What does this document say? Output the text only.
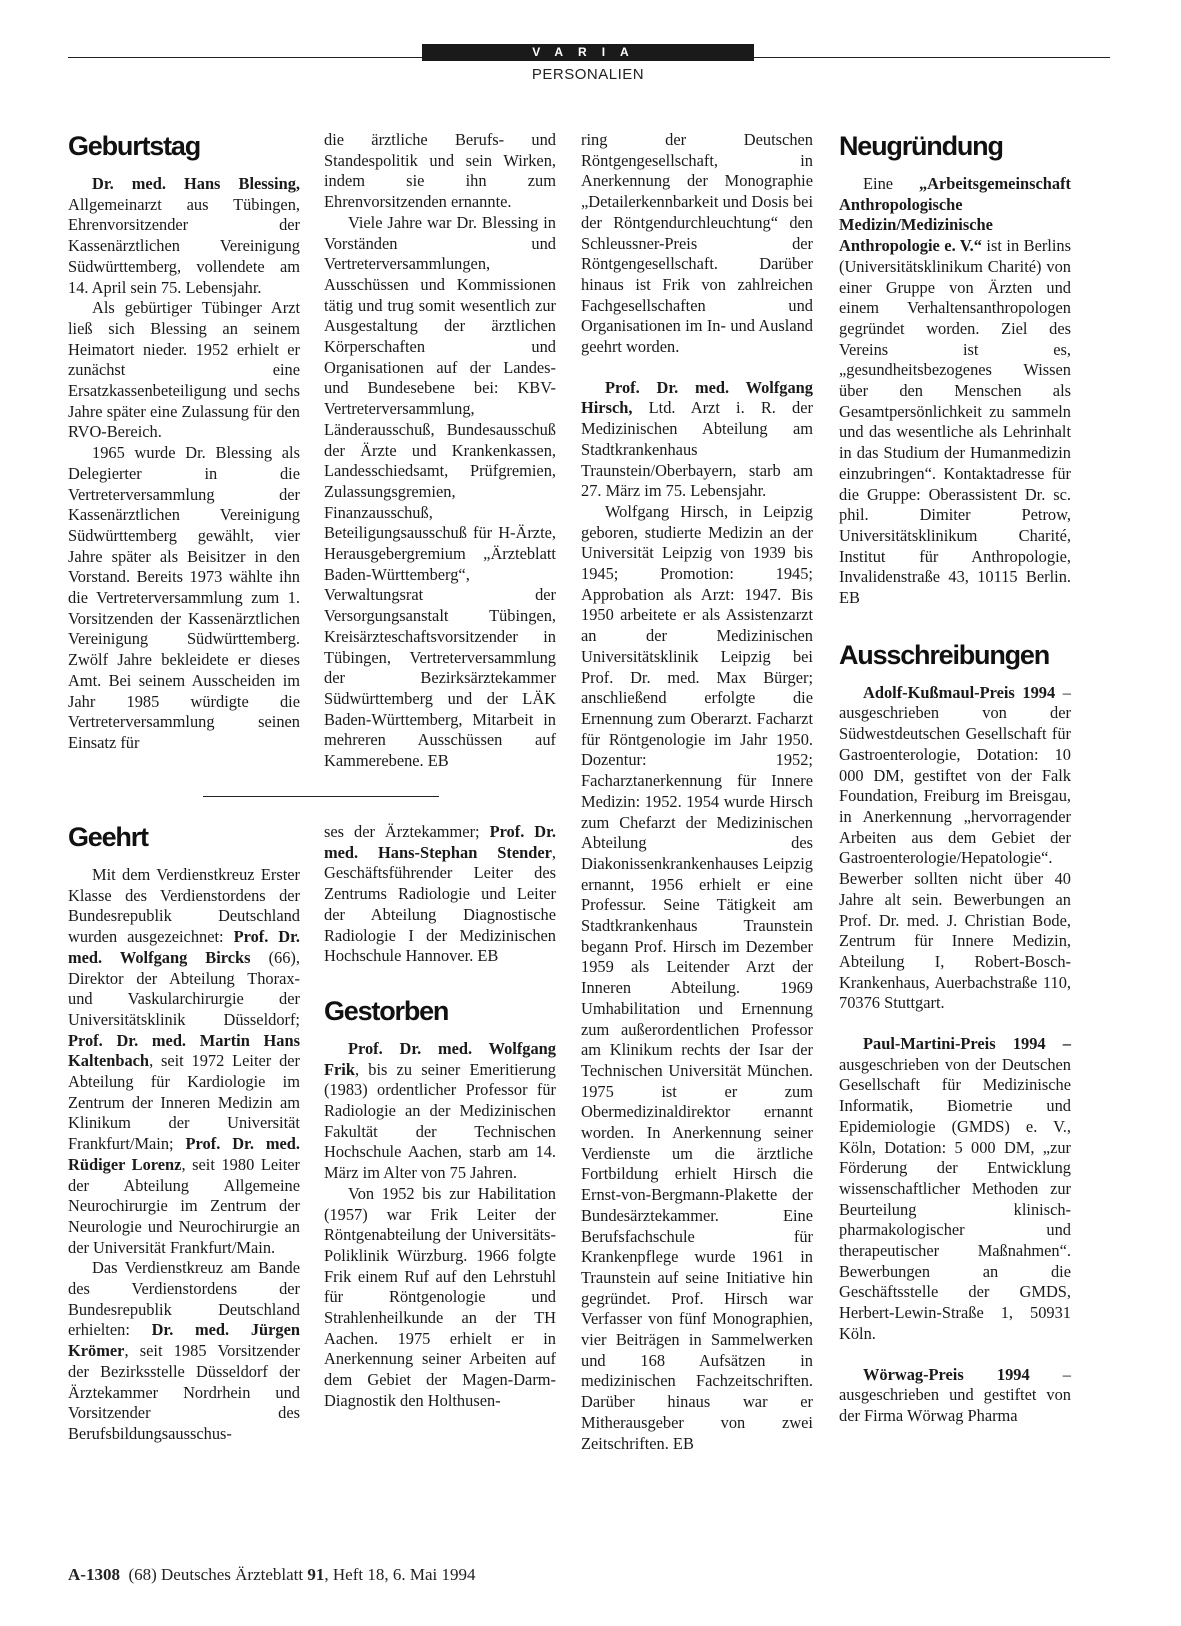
VARIA
PERSONALIEN
Geburtstag

Dr. med. Hans Blessing, Allgemeinarzt aus Tübingen, Ehrenvorsitzender der Kassenärztlichen Vereinigung Südwürttemberg, vollendete am 14. April sein 75. Lebensjahr.

Als gebürtiger Tübinger Arzt ließ sich Blessing an seinem Heimatort nieder. 1952 erhielt er zunächst eine Ersatzkassenbeteiligung und sechs Jahre später eine Zulassung für den RVO-Bereich.

1965 wurde Dr. Blessing als Delegierter in die Vertreterversammlung der Kassenärztlichen Vereinigung Südwürttemberg gewählt, vier Jahre später als Beisitzer in den Vorstand. Bereits 1973 wählte ihn die Vertreterversammlung zum 1. Vorsitzenden der Kassenärztlichen Vereinigung Südwürttemberg. Zwölf Jahre bekleidete er dieses Amt. Bei seinem Ausscheiden im Jahr 1985 würdigte die Vertreterversammlung seinen Einsatz für

die ärztliche Berufs- und Standespolitik und sein Wirken, indem sie ihn zum Ehrenvorsitzenden ernannte.

Viele Jahre war Dr. Blessing in Vorständen und Vertreterversammlungen, Ausschüssen und Kommissionen tätig und trug somit wesentlich zur Ausgestaltung der ärztlichen Körperschaften und Organisationen auf der Landes- und Bundesebene bei: KBV-Vertreterversammlung, Länderausschuß, Bundesausschuß der Ärzte und Krankenkassen, Landesschiedsamt, Prüfgremien, Zulassungsgremien, Finanzausschuß, Beteiligungsausschuß für H-Ärzte, Herausgebergremium „Ärzteblatt Baden-Württemberg“, Verwaltungsrat der Versorgungsanstalt Tübingen, Kreisärzteschaftsvorsitzender in Tübingen, Vertreterversammlung der Bezirksärztekammer Südwürttemberg und der LÄK Baden-Württemberg, Mitarbeit in mehreren Ausschüssen auf Kammerebene. EB

Geehrt

Mit dem Verdienstkreuz Erster Klasse des Verdienstordens der Bundesrepublik Deutschland wurden ausgezeichnet: Prof. Dr. med. Wolfgang Bircks (66), Direktor der Abteilung Thorax- und Vaskularchirurgie der Universitätsklinik Düsseldorf; Prof. Dr. med. Martin Hans Kaltenbach, seit 1972 Leiter der Abteilung für Kardiologie im Zentrum der Inneren Medizin am Klinikum der Universität Frankfurt/Main; Prof. Dr. med. Rüdiger Lorenz, seit 1980 Leiter der Abteilung Allgemeine Neurochirurgie im Zentrum der Neurologie und Neurochirurgie an der Universität Frankfurt/Main.

Das Verdienstkreuz am Bande des Verdienstordens der Bundesrepublik Deutschland erhielten: Dr. med. Jürgen Krömer, seit 1985 Vorsitzender der Bezirksstelle Düsseldorf der Ärztekammer Nordrhein und Vorsitzender des Berufsbildungsausschus-

ses der Ärztekammer; Prof. Dr. med. Hans-Stephan Stender, Geschäftsführender Leiter des Zentrums Radiologie und Leiter der Abteilung Diagnostische Radiologie I der Medizinischen Hochschule Hannover. EB

Gestorben

Prof. Dr. med. Wolfgang Frik, bis zu seiner Emeritierung (1983) ordentlicher Professor für Radiologie an der Medizinischen Fakultät der Technischen Hochschule Aachen, starb am 14. März im Alter von 75 Jahren.

Von 1952 bis zur Habilitation (1957) war Frik Leiter der Röntgenabteilung der Universitäts-Poliklinik Würzburg. 1966 folgte Frik einem Ruf auf den Lehrstuhl für Röntgenologie und Strahlenheilkunde an der TH Aachen. 1975 erhielt er in Anerkennung seiner Arbeiten auf dem Gebiet der Magen-Darm-Diagnostik den Holthusen-

ring der Deutschen Röntgengesellschaft, in Anerkennung der Monographie „Detailerkennbarkeit und Dosis bei der Röntgendurchleuchtung“ den Schleussner-Preis der Röntgengesellschaft. Darüber hinaus ist Frik von zahlreichen Fachgesellschaften und Organisationen im In- und Ausland geehrt worden.

Prof. Dr. med. Wolfgang Hirsch, Ltd. Arzt i. R. der Medizinischen Abteilung am Stadtkrankenhaus Traunstein/Oberbayern, starb am 27. März im 75. Lebensjahr.

Wolfgang Hirsch, in Leipzig geboren, studierte Medizin an der Universität Leipzig von 1939 bis 1945; Promotion: 1945; Approbation als Arzt: 1947. Bis 1950 arbeitete er als Assistenzarzt an der Medizinischen Universitätsklinik Leipzig bei Prof. Dr. med. Max Bürger; anschließend erfolgte die Ernennung zum Oberarzt. Facharzt für Röntgenologie im Jahr 1950. Dozentur: 1952; Facharztanerkennung für Innere Medizin: 1952. 1954 wurde Hirsch zum Chefarzt der Medizinischen Abteilung des Diakonissenkrankenhauses Leipzig ernannt, 1956 erhielt er eine Professur. Seine Tätigkeit am Stadtkrankenhaus Traunstein begann Prof. Hirsch im Dezember 1959 als Leitender Arzt der Inneren Abteilung. 1969 Umhabilitation und Ernennung zum außerordentlichen Professor am Klinikum rechts der Isar der Technischen Universität München. 1975 ist er zum Obermedizinaldirektor ernannt worden. In Anerkennung seiner Verdienste um die ärztliche Fortbildung erhielt Hirsch die Ernst-von-Bergmann-Plakette der Bundesärztekammer. Eine Berufsfachschule für Krankenpflege wurde 1961 in Traunstein auf seine Initiative hin gegründet. Prof. Hirsch war Verfasser von fünf Monographien, vier Beiträgen in Sammelwerken und 168 Aufsätzen in medizinischen Fachzeitschriften. Darüber hinaus war er Mitherausgeber von zwei Zeitschriften. EB

Neugründung

Eine „Arbeitsgemeinschaft Anthropologische Medizin/Medizinische Anthropologie e. V.“ ist in Berlins (Universitätsklinikum Charité) von einer Gruppe von Ärzten und einem Verhaltensanthropologen gegründet worden. Ziel des Vereins ist es, „gesundheitsbezogenes Wissen über den Menschen als Gesamtpersönlichkeit zu sammeln und das wesentliche als Lehrinhalt in das Studium der Humanmedizin einzubringen“. Kontaktadresse für die Gruppe: Oberassistent Dr. sc. phil. Dimiter Petrow, Universitätsklinikum Charité, Institut für Anthropologie, Invalidenstraße 43, 10115 Berlin. EB

Ausschreibungen

Adolf-Kußmaul-Preis 1994 – ausgeschrieben von der Südwestdeutschen Gesellschaft für Gastroenterologie, Dotation: 10 000 DM, gestiftet von der Falk Foundation, Freiburg im Breisgau, in Anerkennung „hervorragender Arbeiten aus dem Gebiet der Gastroenterologie/Hepatologie“. Bewerber sollten nicht über 40 Jahre alt sein. Bewerbungen an Prof. Dr. med. J. Christian Bode, Zentrum für Innere Medizin, Abteilung I, Robert-Bosch-Krankenhaus, Auerbachstraße 110, 70376 Stuttgart.

Paul-Martini-Preis 1994 – ausgeschrieben von der Deutschen Gesellschaft für Medizinische Informatik, Biometrie und Epidemiologie (GMDS) e. V., Köln, Dotation: 5 000 DM, „zur Förderung der Entwicklung wissenschaftlicher Methoden zur Beurteilung klinisch-pharmakologischer und therapeutischer Maßnahmen“. Bewerbungen an die Geschäftsstelle der GMDS, Herbert-Lewin-Straße 1, 50931 Köln.

Wörwag-Preis 1994 – ausgeschrieben und gestiftet von der Firma Wörwag Pharma

A-1308 (68) Deutsches Ärzteblatt 91, Heft 18, 6. Mai 1994
